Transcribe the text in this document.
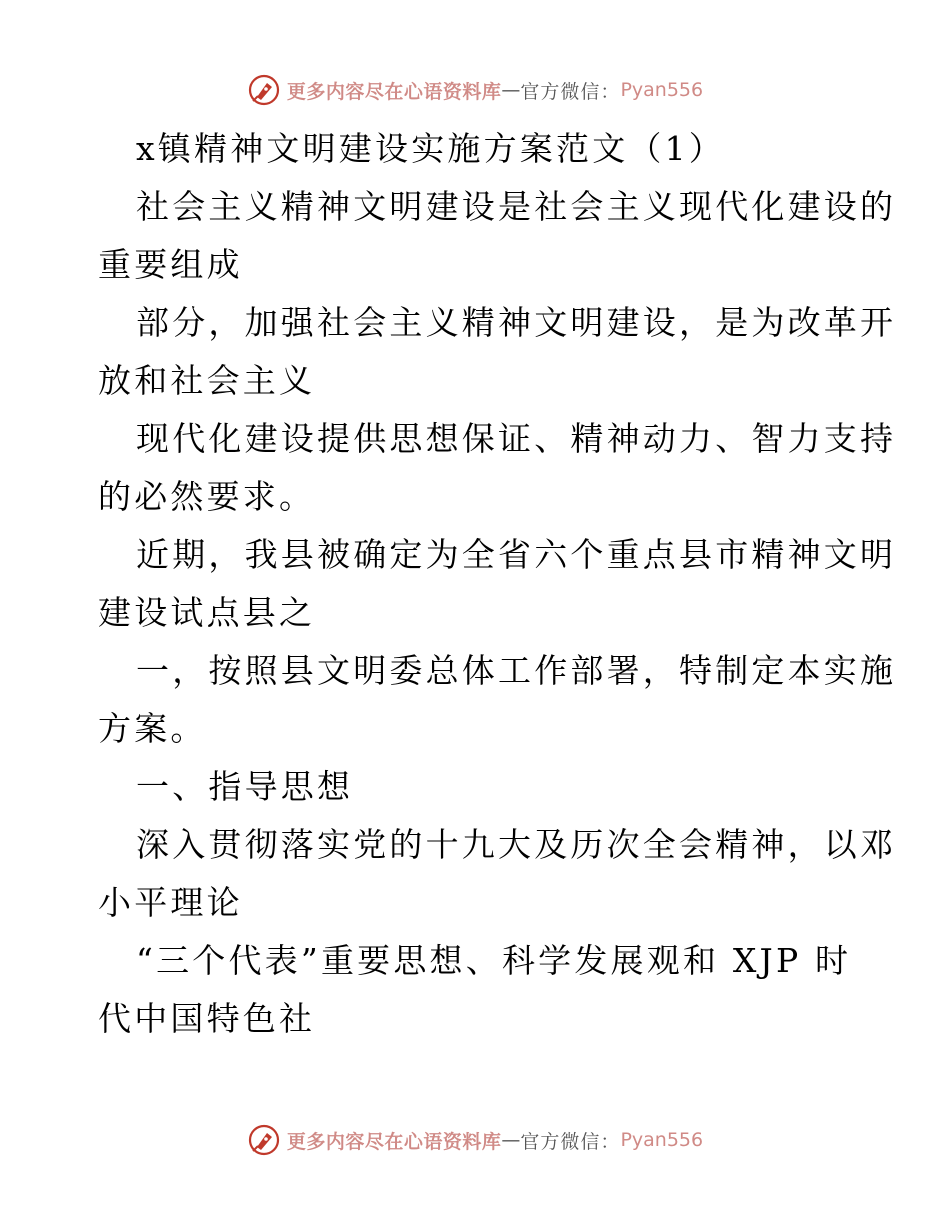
更多内容尽在心语资料库 — 官方微信： Pyan556
x镇精神文明建设实施方案范文（1）
社会主义精神文明建设是社会主义现代化建设的
重要组成
部分，加强社会主义精神文明建设，是为改革开
放和社会主义
现代化建设提供思想保证、精神动力、智力支持
的必然要求。
近期，我县被确定为全省六个重点县市精神文明
建设试点县之
一，按照县文明委总体工作部署，特制定本实施
方案。
一、指导思想
深入贯彻落实党的十九大及历次全会精神，以邓
小平理论
“三个代表”重要思想、科学发展观和 XJP 时
代中国特色社
更多内容尽在心语资料库 — 官方微信： Pyan556
